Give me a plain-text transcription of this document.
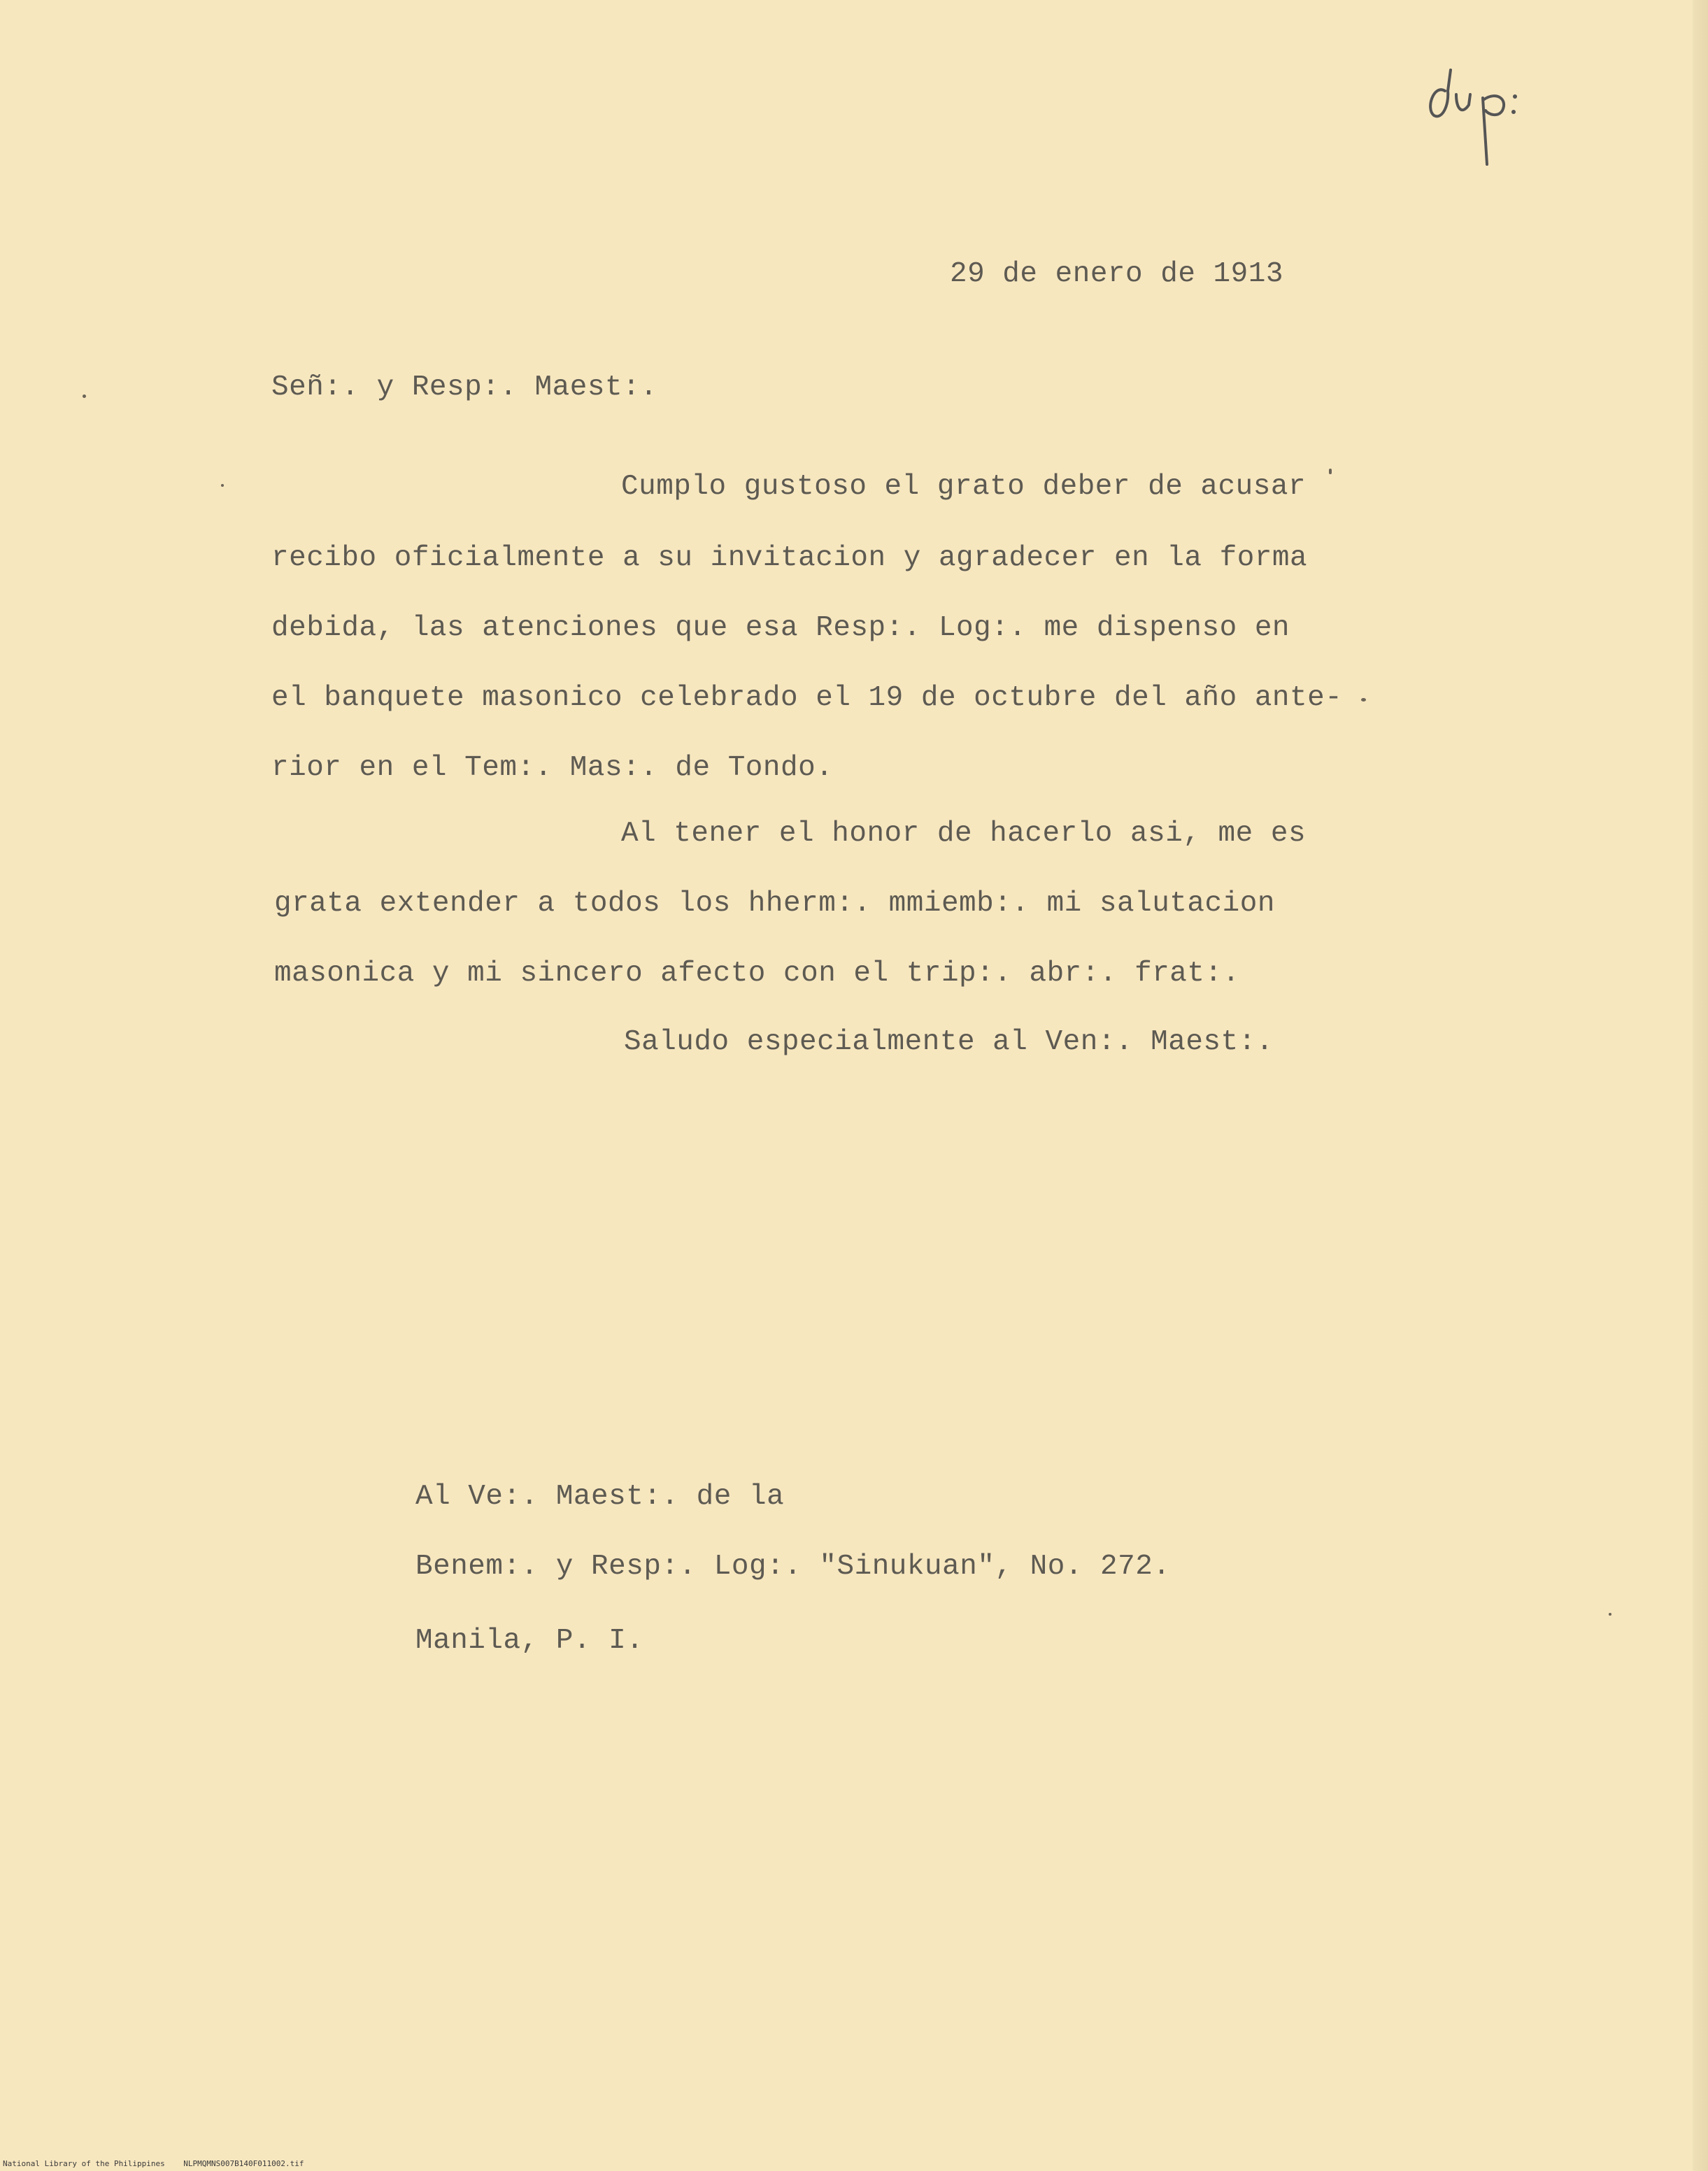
29 de enero de 1913
Señ:. y Resp:. Maest:.
Cumplo gustoso el grato deber de acusar
recibo oficialmente a su invitacion y agradecer en la forma
debida, las atenciones que esa Resp:. Log:. me dispenso en
el banquete masonico celebrado el 19 de octubre del año ante-
rior en el Tem:. Mas:. de Tondo.
Al tener el honor de hacerlo asi, me es
grata extender a todos los hherm:. mmiemb:. mi salutacion
masonica y mi sincero afecto con el trip:. abr:. frat:.
Saludo especialmente al Ven:. Maest:.
Al Ve:. Maest:. de la
Benem:. y Resp:. Log:. "Sinukuan", No. 272.
Manila, P. I.
National Library of the Philippines NLPMQMNS007B140F011002.tif
